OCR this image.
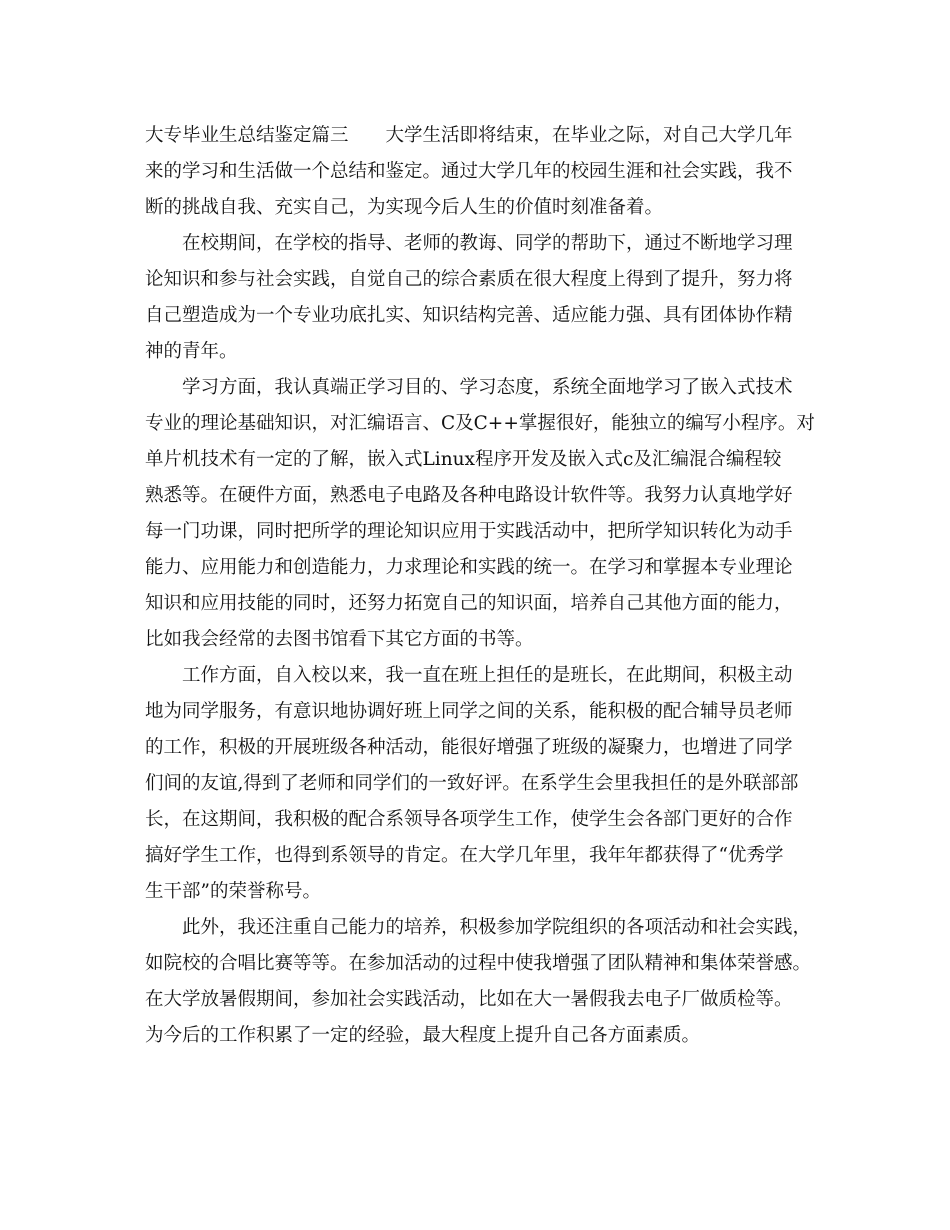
大专毕业生总结鉴定篇三　　大学生活即将结束，在毕业之际，对自己大学几年
来的学习和生活做一个总结和鉴定。通过大学几年的校园生涯和社会实践，我不
断的挑战自我、充实自己，为实现今后人生的价值时刻准备着。
在校期间，在学校的指导、老师的教诲、同学的帮助下，通过不断地学习理
论知识和参与社会实践，自觉自己的综合素质在很大程度上得到了提升，努力将
自己塑造成为一个专业功底扎实、知识结构完善、适应能力强、具有团体协作精
神的青年。
学习方面，我认真端正学习目的、学习态度，系统全面地学习了嵌入式技术
专业的理论基础知识，对汇编语言、C及C++掌握很好，能独立的编写小程序。对
单片机技术有一定的了解，嵌入式Linux程序开发及嵌入式c及汇编混合编程较
熟悉等。在硬件方面，熟悉电子电路及各种电路设计软件等。我努力认真地学好
每一门功课，同时把所学的理论知识应用于实践活动中，把所学知识转化为动手
能力、应用能力和创造能力，力求理论和实践的统一。在学习和掌握本专业理论
知识和应用技能的同时，还努力拓宽自己的知识面，培养自己其他方面的能力，
比如我会经常的去图书馆看下其它方面的书等。
工作方面，自入校以来，我一直在班上担任的是班长，在此期间，积极主动
地为同学服务，有意识地协调好班上同学之间的关系，能积极的配合辅导员老师
的工作，积极的开展班级各种活动，能很好增强了班级的凝聚力，也增进了同学
们间的友谊,得到了老师和同学们的一致好评。在系学生会里我担任的是外联部部
长，在这期间，我积极的配合系领导各项学生工作，使学生会各部门更好的合作
搞好学生工作，也得到系领导的肯定。在大学几年里，我年年都获得了“优秀学
生干部”的荣誉称号。
此外，我还注重自己能力的培养，积极参加学院组织的各项活动和社会实践，
如院校的合唱比赛等等。在参加活动的过程中使我增强了团队精神和集体荣誉感。
在大学放暑假期间，参加社会实践活动，比如在大一暑假我去电子厂做质检等。
为今后的工作积累了一定的经验，最大程度上提升自己各方面素质。
